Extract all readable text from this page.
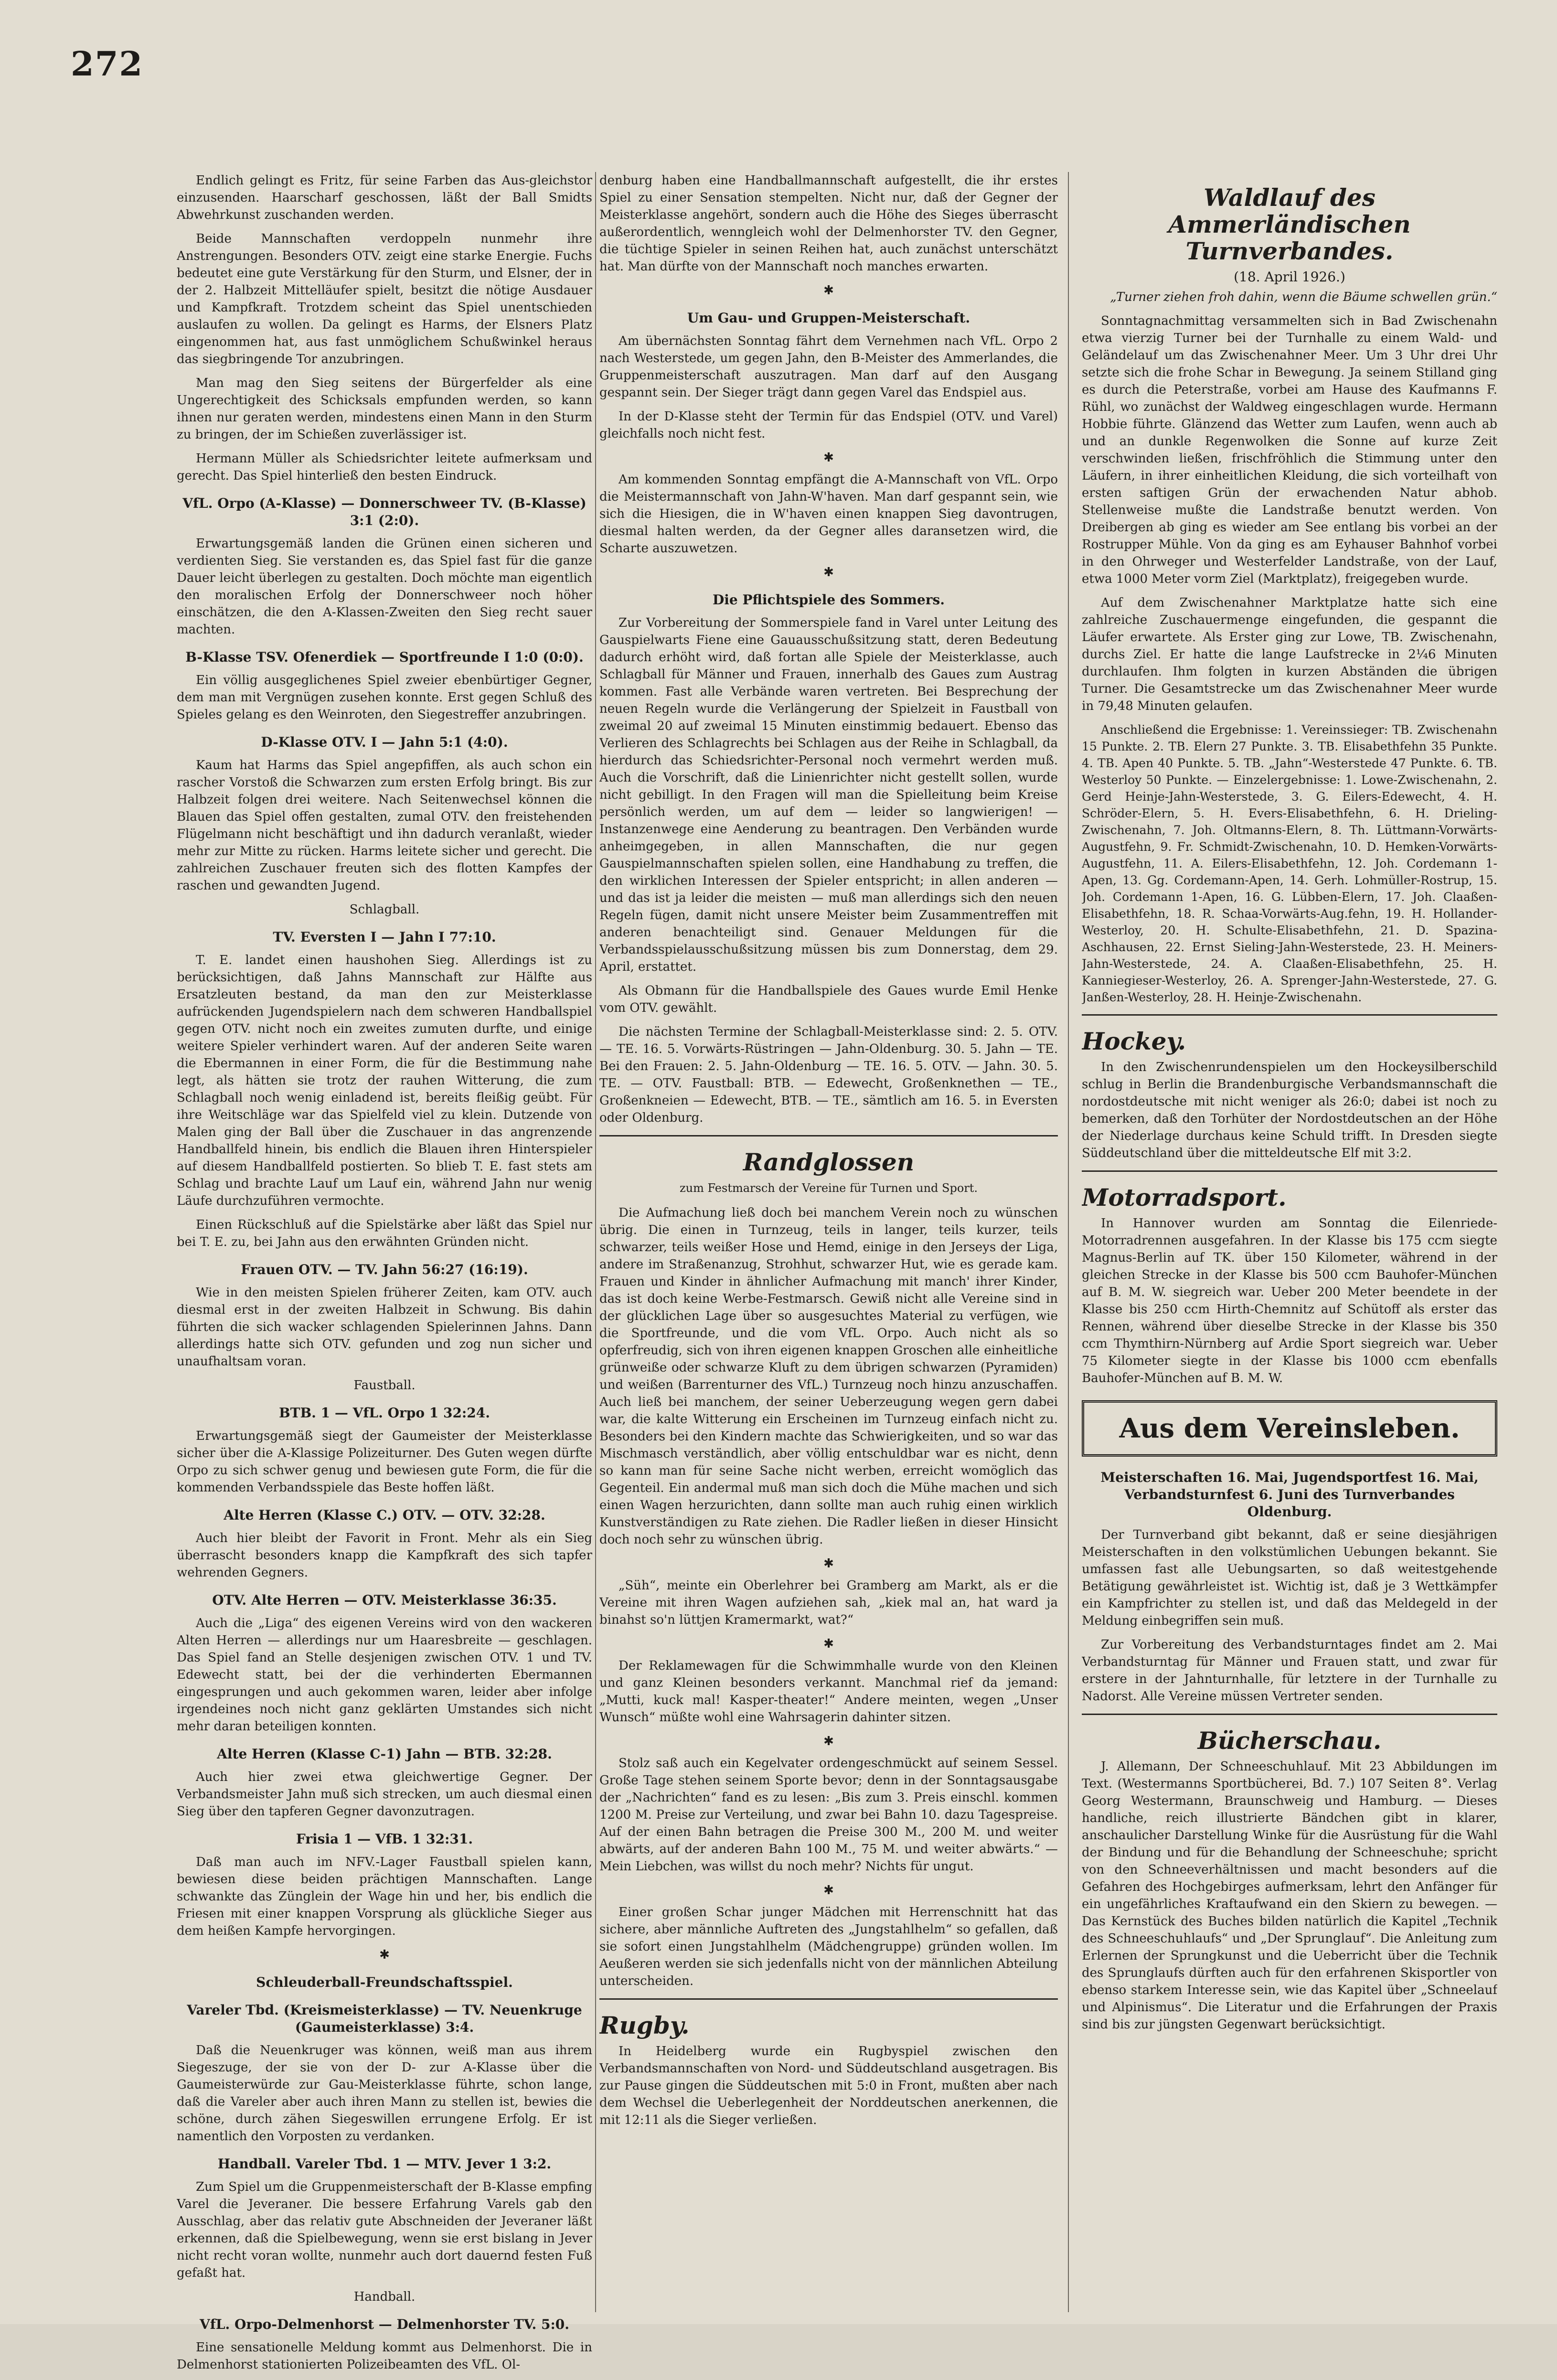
272

Endlich gelingt es Fritz, für seine Farben das Aus-gleichstor einzusenden. Haarscharf geschossen, läßt der Ball Smidts Abwehrkunst zuschanden werden.

Beide Mannschaften verdoppeln nunmehr ihre Anstrengungen. Besonders OTV. zeigt eine starke Energie. Fuchs bedeutet eine gute Verstärkung für den Sturm, und Elsner, der in der 2. Halbzeit Mittelläufer spielt, besitzt die nötige Ausdauer und Kampfkraft. Trotzdem scheint das Spiel unentschieden auslaufen zu wollen. Da gelingt es Harms, der Elsners Platz eingenommen hat, aus fast unmöglichem Schußwinkel heraus das siegbringende Tor anzubringen.

Man mag den Sieg seitens der Bürgerfelder als eine Ungerechtigkeit des Schicksals empfunden werden, so kann ihnen nur geraten werden, mindestens einen Mann in den Sturm zu bringen, der im Schießen zuverlässiger ist.

Hermann Müller als Schiedsrichter leitete aufmerksam und gerecht. Das Spiel hinterließ den besten Eindruck.

VfL. Orpo (A-Klasse) — Donnerschweer TV. (B-Klasse) 3:1 (2:0).

Erwartungsgemäß landen die Grünen einen sicheren und verdienten Sieg. Sie verstanden es, das Spiel fast für die ganze Dauer leicht überlegen zu gestalten. Doch möchte man eigentlich den moralischen Erfolg der Donnerschweer noch höher einschätzen, die den A-Klassen-Zweiten den Sieg recht sauer machten.

B-Klasse TSV. Ofenerdiek — Sportfreunde I 1:0 (0:0).

Ein völlig ausgeglichenes Spiel zweier ebenbürtiger Gegner, dem man mit Vergnügen zusehen konnte. Erst gegen Schluß des Spieles gelang es den Weinroten, den Siegestreffer anzubringen.

D-Klasse OTV. I — Jahn 5:1 (4:0).

Kaum hat Harms das Spiel angepfiffen, als auch schon ein rascher Vorstoß die Schwarzen zum ersten Erfolg bringt. Bis zur Halbzeit folgen drei weitere. Nach Seitenwechsel können die Blauen das Spiel offen gestalten, zumal OTV. den freistehenden Flügelmann nicht beschäftigt und ihn dadurch veranlaßt, wieder mehr zur Mitte zu rücken. Harms leitete sicher und gerecht. Die zahlreichen Zuschauer freuten sich des flotten Kampfes der raschen und gewandten Jugend.

Schlagball.
TV. Eversten I — Jahn I 77:10.

T. E. landet einen haushohen Sieg. Allerdings ist zu berücksichtigen, daß Jahns Mannschaft zur Hälfte aus Ersatzleuten bestand, da man den zur Meisterklasse aufrückenden Jugendspielern nach dem schweren Handballspiel gegen OTV. nicht noch ein zweites zumuten durfte, und einige weitere Spieler verhindert waren. Auf der anderen Seite waren die Ebermannen in einer Form, die für die Bestimmung nahe legt, als hätten sie trotz der rauhen Witterung, die zum Schlagball noch wenig einladend ist, bereits fleißig geübt. Für ihre Weitschläge war das Spielfeld viel zu klein. Dutzende von Malen ging der Ball über die Zuschauer in das angrenzende Handballfeld hinein, bis endlich die Blauen ihren Hinterspieler auf diesem Handballfeld postierten. So blieb T. E. fast stets am Schlag und brachte Lauf um Lauf ein, während Jahn nur wenig Läufe durchzuführen vermochte.

Einen Rückschluß auf die Spielstärke aber läßt das Spiel nur bei T. E. zu, bei Jahn aus den erwähnten Gründen nicht.

Frauen OTV. — TV. Jahn 56:27 (16:19).

Wie in den meisten Spielen früherer Zeiten, kam OTV. auch diesmal erst in der zweiten Halbzeit in Schwung. Bis dahin führten die sich wacker schlagenden Spielerinnen Jahns. Dann allerdings hatte sich OTV. gefunden und zog nun sicher und unaufhaltsam voran.

Faustball.
BTB. 1 — VfL. Orpo 1 32:24.

Erwartungsgemäß siegt der Gaumeister der Meisterklasse sicher über die A-Klassige Polizeiturner. Des Guten wegen dürfte Orpo zu sich schwer genug und bewiesen gute Form, die für die kommenden Verbandsspiele das Beste hoffen läßt.

Alte Herren (Klasse C.) OTV. — OTV. 32:28.

Auch hier bleibt der Favorit in Front. Mehr als ein Sieg überrascht besonders knapp die Kampfkraft des sich tapfer wehrenden Gegners.

OTV. Alte Herren — OTV. Meisterklasse 36:35.

Auch die „Liga“ des eigenen Vereins wird von den wackeren Alten Herren — allerdings nur um Haaresbreite — geschlagen. Das Spiel fand an Stelle desjenigen zwischen OTV. 1 und TV. Edewecht statt, bei der die verhinderten Ebermannen eingesprungen und auch gekommen waren, leider aber infolge irgendeines noch nicht ganz geklärten Umstandes sich nicht mehr daran beteiligen konnten.

Alte Herren (Klasse C-1) Jahn — BTB. 32:28.

Auch hier zwei etwa gleichwertige Gegner. Der Verbandsmeister Jahn muß sich strecken, um auch diesmal einen Sieg über den tapferen Gegner davonzutragen.

Frisia 1 — VfB. 1 32:31.

Daß man auch im NFV.-Lager Faustball spielen kann, bewiesen diese beiden prächtigen Mannschaften. Lange schwankte das Zünglein der Wage hin und her, bis endlich die Friesen mit einer knappen Vorsprung als glückliche Sieger aus dem heißen Kampfe hervorgingen.

✱
Schleuderball-Freundschaftsspiel.
Vareler Tbd. (Kreismeisterklasse) — TV. Neuenkruge (Gaumeisterklasse) 3:4.

Daß die Neuenkruger was können, weiß man aus ihrem Siegeszuge, der sie von der D- zur A-Klasse über die Gaumeisterwürde zur Gau-Meisterklasse führte, schon lange, daß die Vareler aber auch ihren Mann zu stellen ist, bewies die schöne, durch zähen Siegeswillen errungene Erfolg. Er ist namentlich den Vorposten zu verdanken.

Handball. Vareler Tbd. 1 — MTV. Jever 1 3:2.

Zum Spiel um die Gruppenmeisterschaft der B-Klasse empfing Varel die Jeveraner. Die bessere Erfahrung Varels gab den Ausschlag, aber das relativ gute Abschneiden der Jeveraner läßt erkennen, daß die Spielbewegung, wenn sie erst bislang in Jever nicht recht voran wollte, nunmehr auch dort dauernd festen Fuß gefaßt hat.

Handball.
VfL. Orpo-Delmenhorst — Delmenhorster TV. 5:0.

Eine sensationelle Meldung kommt aus Delmenhorst. Die in Delmenhorst stationierten Polizeibeamten des VfL. Ol-

denburg haben eine Handballmannschaft aufgestellt, die ihr erstes Spiel zu einer Sensation stempelten. Nicht nur, daß der Gegner der Meisterklasse angehört, sondern auch die Höhe des Sieges überrascht außerordentlich, wenngleich wohl der Delmenhorster TV. den Gegner, die tüchtige Spieler in seinen Reihen hat, auch zunächst unterschätzt hat. Man dürfte von der Mannschaft noch manches erwarten.

✱
Um Gau- und Gruppen-Meisterschaft.

Am übernächsten Sonntag fährt dem Vernehmen nach VfL. Orpo 2 nach Westerstede, um gegen Jahn, den B-Meister des Ammerlandes, die Gruppenmeisterschaft auszutragen. Man darf auf den Ausgang gespannt sein. Der Sieger trägt dann gegen Varel das Endspiel aus.

In der D-Klasse steht der Termin für das Endspiel (OTV. und Varel) gleichfalls noch nicht fest.

✱

Am kommenden Sonntag empfängt die A-Mannschaft von VfL. Orpo die Meistermannschaft von Jahn-W'haven. Man darf gespannt sein, wie sich die Hiesigen, die in W'haven einen knappen Sieg davontrugen, diesmal halten werden, da der Gegner alles daransetzen wird, die Scharte auszuwetzen.

✱
Die Pflichtspiele des Sommers.

Zur Vorbereitung der Sommerspiele fand in Varel unter Leitung des Gauspielwarts Fiene eine Gauausschußsitzung statt, deren Bedeutung dadurch erhöht wird, daß fortan alle Spiele der Meisterklasse, auch Schlagball für Männer und Frauen, innerhalb des Gaues zum Austrag kommen. Fast alle Verbände waren vertreten. Bei Besprechung der neuen Regeln wurde die Verlängerung der Spielzeit in Faustball von zweimal 20 auf zweimal 15 Minuten einstimmig bedauert. Ebenso das Verlieren des Schlagrechts bei Schlagen aus der Reihe in Schlagball, da hierdurch das Schiedsrichter-Personal noch vermehrt werden muß. Auch die Vorschrift, daß die Linienrichter nicht gestellt sollen, wurde nicht gebilligt. In den Fragen will man die Spielleitung beim Kreise persönlich werden, um auf dem — leider so langwierigen! — Instanzenwege eine Aenderung zu beantragen. Den Verbänden wurde anheimgegeben, in allen Mannschaften, die nur gegen Gauspielmannschaften spielen sollen, eine Handhabung zu treffen, die den wirklichen Interessen der Spieler entspricht; in allen anderen — und das ist ja leider die meisten — muß man allerdings sich den neuen Regeln fügen, damit nicht unsere Meister beim Zusammentreffen mit anderen benachteiligt sind. Genauer Meldungen für die Verbandsspielausschußsitzung müssen bis zum Donnerstag, dem 29. April, erstattet.

Als Obmann für die Handballspiele des Gaues wurde Emil Henke vom OTV. gewählt.

Die nächsten Termine der Schlagball-Meisterklasse sind: 2. 5. OTV. — TE. 16. 5. Vorwärts-Rüstringen — Jahn-Oldenburg. 30. 5. Jahn — TE. Bei den Frauen: 2. 5. Jahn-Oldenburg — TE. 16. 5. OTV. — Jahn. 30. 5. TE. — OTV. Faustball: BTB. — Edewecht, Großenknethen — TE., Großenkneien — Edewecht, BTB. — TE., sämtlich am 16. 5. in Eversten oder Oldenburg.

Randglossen
zum Festmarsch der Vereine für Turnen und Sport.

Die Aufmachung ließ doch bei manchem Verein noch zu wünschen übrig. Die einen in Turnzeug, teils in langer, teils kurzer, teils schwarzer, teils weißer Hose und Hemd, einige in den Jerseys der Liga, andere im Straßenanzug, Strohhut, schwarzer Hut, wie es gerade kam. Frauen und Kinder in ähnlicher Aufmachung mit manch' ihrer Kinder, das ist doch keine Werbe-Festmarsch. Gewiß nicht alle Vereine sind in der glücklichen Lage über so ausgesuchtes Material zu verfügen, wie die Sportfreunde, und die vom VfL. Orpo. Auch nicht als so opferfreudig, sich von ihren eigenen knappen Groschen alle einheitliche grünweiße oder schwarze Kluft zu dem übrigen schwarzen (Pyramiden) und weißen (Barrenturner des VfL.) Turnzeug noch hinzu anzuschaffen. Auch ließ bei manchem, der seiner Ueberzeugung wegen gern dabei war, die kalte Witterung ein Erscheinen im Turnzeug einfach nicht zu. Besonders bei den Kindern machte das Schwierigkeiten, und so war das Mischmasch verständlich, aber völlig entschuldbar war es nicht, denn so kann man für seine Sache nicht werben, erreicht womöglich das Gegenteil. Ein andermal muß man sich doch die Mühe machen und sich einen Wagen herzurichten, dann sollte man auch ruhig einen wirklich Kunstverständigen zu Rate ziehen. Die Radler ließen in dieser Hinsicht doch noch sehr zu wünschen übrig.

✱

„Süh“, meinte ein Oberlehrer bei Gramberg am Markt, als er die Vereine mit ihren Wagen aufziehen sah, „kiek mal an, hat ward ja binahst so'n lüttjen Kramermarkt, wat?“

✱

Der Reklamewagen für die Schwimmhalle wurde von den Kleinen und ganz Kleinen besonders verkannt. Manchmal rief da jemand: „Mutti, kuck mal! Kasper-theater!“ Andere meinten, wegen „Unser Wunsch“ müßte wohl eine Wahrsagerin dahinter sitzen.

✱

Stolz saß auch ein Kegelvater ordengeschmückt auf seinem Sessel. Große Tage stehen seinem Sporte bevor; denn in der Sonntagsausgabe der „Nachrichten“ fand es zu lesen: „Bis zum 3. Preis einschl. kommen 1200 M. Preise zur Verteilung, und zwar bei Bahn 10. dazu Tagespreise. Auf der einen Bahn betragen die Preise 300 M., 200 M. und weiter abwärts, auf der anderen Bahn 100 M., 75 M. und weiter abwärts.“ — Mein Liebchen, was willst du noch mehr? Nichts für ungut.

✱

Einer großen Schar junger Mädchen mit Herrenschnitt hat das sichere, aber männliche Auftreten des „Jungstahlhelm“ so gefallen, daß sie sofort einen Jungstahlhelm (Mädchengruppe) gründen wollen. Im Aeußeren werden sie sich jedenfalls nicht von der männlichen Abteilung unterscheiden.

Rugby.

In Heidelberg wurde ein Rugbyspiel zwischen den Verbandsmannschaften von Nord- und Süddeutschland ausgetragen. Bis zur Pause gingen die Süddeutschen mit 5:0 in Front, mußten aber nach dem Wechsel die Ueberlegenheit der Norddeutschen anerkennen, die mit 12:11 als die Sieger verließen.

Waldlauf des Ammerländischen Turnverbandes.
(18. April 1926.)
„Turner ziehen froh dahin, wenn die Bäume schwellen grün.“

Sonntagnachmittag versammelten sich in Bad Zwischenahn etwa vierzig Turner bei der Turnhalle zu einem Wald- und Geländelauf um das Zwischenahner Meer. Um 3 Uhr drei Uhr setzte sich die frohe Schar in Bewegung. Ja seinem Stilland ging es durch die Peterstraße, vorbei am Hause des Kaufmanns F. Rühl, wo zunächst der Waldweg eingeschlagen wurde. Hermann Hobbie führte. Glänzend das Wetter zum Laufen, wenn auch ab und an dunkle Regenwolken die Sonne auf kurze Zeit verschwinden ließen, frischfröhlich die Stimmung unter den Läufern, in ihrer einheitlichen Kleidung, die sich vorteilhaft von ersten saftigen Grün der erwachenden Natur abhob. Stellenweise mußte die Landstraße benutzt werden. Von Dreibergen ab ging es wieder am See entlang bis vorbei an der Rostrupper Mühle. Von da ging es am Eyhauser Bahnhof vorbei in den Ohrweger und Westerfelder Landstraße, von der Lauf, etwa 1000 Meter vorm Ziel (Marktplatz), freigegeben wurde.

Auf dem Zwischenahner Marktplatze hatte sich eine zahlreiche Zuschauermenge eingefunden, die gespannt die Läufer erwartete. Als Erster ging zur Lowe, TB. Zwischenahn, durchs Ziel. Er hatte die lange Laufstrecke in 2¼6 Minuten durchlaufen. Ihm folgten in kurzen Abständen die übrigen Turner. Die Gesamtstrecke um das Zwischenahner Meer wurde in 79,48 Minuten gelaufen.

Anschließend die Ergebnisse: 1. Vereinssieger: TB. Zwischenahn 15 Punkte. 2. TB. Elern 27 Punkte. 3. TB. Elisabethfehn 35 Punkte. 4. TB. Apen 40 Punkte. 5. TB. „Jahn“-Westerstede 47 Punkte. 6. TB. Westerloy 50 Punkte. — Einzelergebnisse: 1. Lowe-Zwischenahn, 2. Gerd Heinje-Jahn-Westerstede, 3. G. Eilers-Edewecht, 4. H. Schröder-Elern, 5. H. Evers-Elisabethfehn, 6. H. Drieling-Zwischenahn, 7. Joh. Oltmanns-Elern, 8. Th. Lüttmann-Vorwärts-Augustfehn, 9. Fr. Schmidt-Zwischenahn, 10. D. Hemken-Vorwärts-Augustfehn, 11. A. Eilers-Elisabethfehn, 12. Joh. Cordemann 1-Apen, 13. Gg. Cordemann-Apen, 14. Gerh. Lohmüller-Rostrup, 15. Joh. Cordemann 1-Apen, 16. G. Lübben-Elern, 17. Joh. Claaßen-Elisabethfehn, 18. R. Schaa-Vorwärts-Aug.fehn, 19. H. Hollander-Westerloy, 20. H. Schulte-Elisabethfehn, 21. D. Spazina-Aschhausen, 22. Ernst Sieling-Jahn-Westerstede, 23. H. Meiners-Jahn-Westerstede, 24. A. Claaßen-Elisabethfehn, 25. H. Kanniegieser-Westerloy, 26. A. Sprenger-Jahn-Westerstede, 27. G. Janßen-Westerloy, 28. H. Heinje-Zwischenahn.

Hockey.

In den Zwischenrundenspielen um den Hockeysilberschild schlug in Berlin die Brandenburgische Verbandsmannschaft die nordostdeutsche mit nicht weniger als 26:0; dabei ist noch zu bemerken, daß den Torhüter der Nordostdeutschen an der Höhe der Niederlage durchaus keine Schuld trifft. In Dresden siegte Süddeutschland über die mitteldeutsche Elf mit 3:2.

Motorradsport.

In Hannover wurden am Sonntag die Eilenriede-Motorradrennen ausgefahren. In der Klasse bis 175 ccm siegte Magnus-Berlin auf TK. über 150 Kilometer, während in der gleichen Strecke in der Klasse bis 500 ccm Bauhofer-München auf B. M. W. siegreich war. Ueber 200 Meter beendete in der Klasse bis 250 ccm Hirth-Chemnitz auf Schütoff als erster das Rennen, während über dieselbe Strecke in der Klasse bis 350 ccm Thymthirn-Nürnberg auf Ardie Sport siegreich war. Ueber 75 Kilometer siegte in der Klasse bis 1000 ccm ebenfalls Bauhofer-München auf B. M. W.

Aus dem Vereinsleben.
Meisterschaften 16. Mai, Jugendsportfest 16. Mai, Verbandsturnfest 6. Juni des Turnverbandes Oldenburg.

Der Turnverband gibt bekannt, daß er seine diesjährigen Meisterschaften in den volkstümlichen Uebungen bekannt. Sie umfassen fast alle Uebungsarten, so daß weitestgehende Betätigung gewährleistet ist. Wichtig ist, daß je 3 Wettkämpfer ein Kampfrichter zu stellen ist, und daß das Meldegeld in der Meldung einbegriffen sein muß.

Zur Vorbereitung des Verbandsturntages findet am 2. Mai Verbandsturntag für Männer und Frauen statt, und zwar für erstere in der Jahnturnhalle, für letztere in der Turnhalle zu Nadorst. Alle Vereine müssen Vertreter senden.

Bücherschau.

J. Allemann, Der Schneeschuhlauf. Mit 23 Abbildungen im Text. (Westermanns Sportbücherei, Bd. 7.) 107 Seiten 8°. Verlag Georg Westermann, Braunschweig und Hamburg. — Dieses handliche, reich illustrierte Bändchen gibt in klarer, anschaulicher Darstellung Winke für die Ausrüstung für die Wahl der Bindung und für die Behandlung der Schneeschuhe; spricht von den Schneeverhältnissen und macht besonders auf die Gefahren des Hochgebirges aufmerksam, lehrt den Anfänger für ein ungefährliches Kraftaufwand ein den Skiern zu bewegen. — Das Kernstück des Buches bilden natürlich die Kapitel „Technik des Schneeschuhlaufs“ und „Der Sprunglauf“. Die Anleitung zum Erlernen der Sprungkunst und die Ueberricht über die Technik des Sprunglaufs dürften auch für den erfahrenen Skisportler von ebenso starkem Interesse sein, wie das Kapitel über „Schneelauf und Alpinismus“. Die Literatur und die Erfahrungen der Praxis sind bis zur jüngsten Gegenwart berücksichtigt.
